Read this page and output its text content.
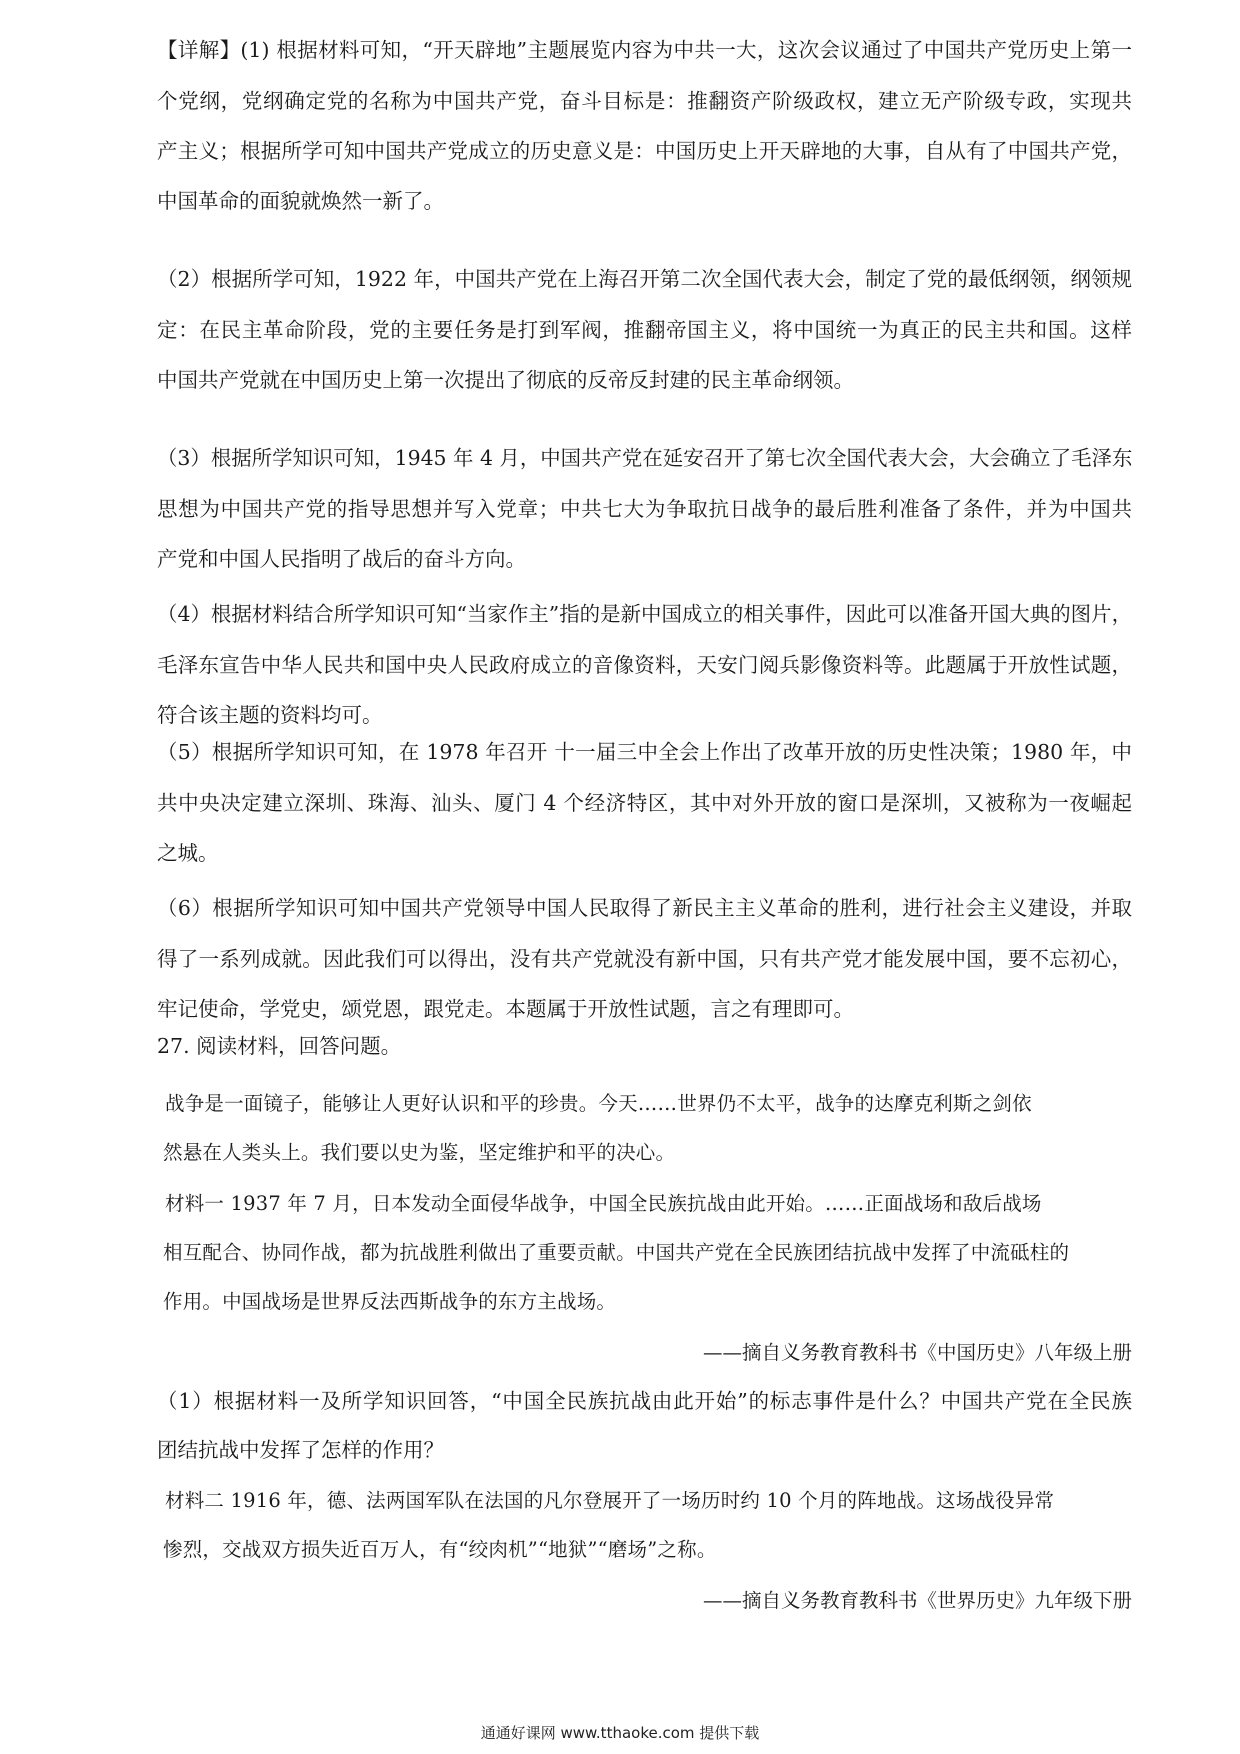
【详解】(1) 根据材料可知，“开天辟地”主题展览内容为中共一大，这次会议通过了中国共产党历史上第一
个党纲，党纲确定党的名称为中国共产党，奋斗目标是：推翻资产阶级政权，建立无产阶级专政，实现共
产主义；根据所学可知中国共产党成立的历史意义是：中国历史上开天辟地的大事，自从有了中国共产党，
中国革命的面貌就焕然一新了。
（2）根据所学可知，1922 年，中国共产党在上海召开第二次全国代表大会，制定了党的最低纲领，纲领规
定：在民主革命阶段，党的主要任务是打到军阀，推翻帝国主义，将中国统一为真正的民主共和国。这样
中国共产党就在中国历史上第一次提出了彻底的反帝反封建的民主革命纲领。
（3）根据所学知识可知，1945 年 4 月，中国共产党在延安召开了第七次全国代表大会，大会确立了毛泽东
思想为中国共产党的指导思想并写入党章；中共七大为争取抗日战争的最后胜利准备了条件，并为中国共
产党和中国人民指明了战后的奋斗方向。
（4）根据材料结合所学知识可知“当家作主”指的是新中国成立的相关事件，因此可以准备开国大典的图片，
毛泽东宣告中华人民共和国中央人民政府成立的音像资料，天安门阅兵影像资料等。此题属于开放性试题，
符合该主题的资料均可。
（5）根据所学知识可知，在 1978 年召开 十一届三中全会上作出了改革开放的历史性决策；1980 年，中
共中央决定建立深圳、珠海、汕头、厦门 4 个经济特区，其中对外开放的窗口是深圳，又被称为一夜崛起
之城。
（6）根据所学知识可知中国共产党领导中国人民取得了新民主主义革命的胜利，进行社会主义建设，并取
得了一系列成就。因此我们可以得出，没有共产党就没有新中国，只有共产党才能发展中国，要不忘初心，
牢记使命，学党史，颂党恩，跟党走。本题属于开放性试题，言之有理即可。
27. 阅读材料，回答问题。
战争是一面镜子，能够让人更好认识和平的珍贵。今天……世界仍不太平，战争的达摩克利斯之剑依
然悬在人类头上。我们要以史为鉴，坚定维护和平的决心。
材料一 1937 年 7 月，日本发动全面侵华战争，中国全民族抗战由此开始。……正面战场和敌后战场
相互配合、协同作战，都为抗战胜利做出了重要贡献。中国共产党在全民族团结抗战中发挥了中流砥柱的
作用。中国战场是世界反法西斯战争的东方主战场。
——摘自义务教育教科书《中国历史》八年级上册
（1）根据材料一及所学知识回答，“中国全民族抗战由此开始”的标志事件是什么？中国共产党在全民族
团结抗战中发挥了怎样的作用？
材料二 1916 年，德、法两国军队在法国的凡尔登展开了一场历时约 10 个月的阵地战。这场战役异常
惨烈，交战双方损失近百万人，有“绞肉机”“地狱”“磨场”之称。
——摘自义务教育教科书《世界历史》九年级下册
通通好课网 www.tthaoke.com 提供下载
